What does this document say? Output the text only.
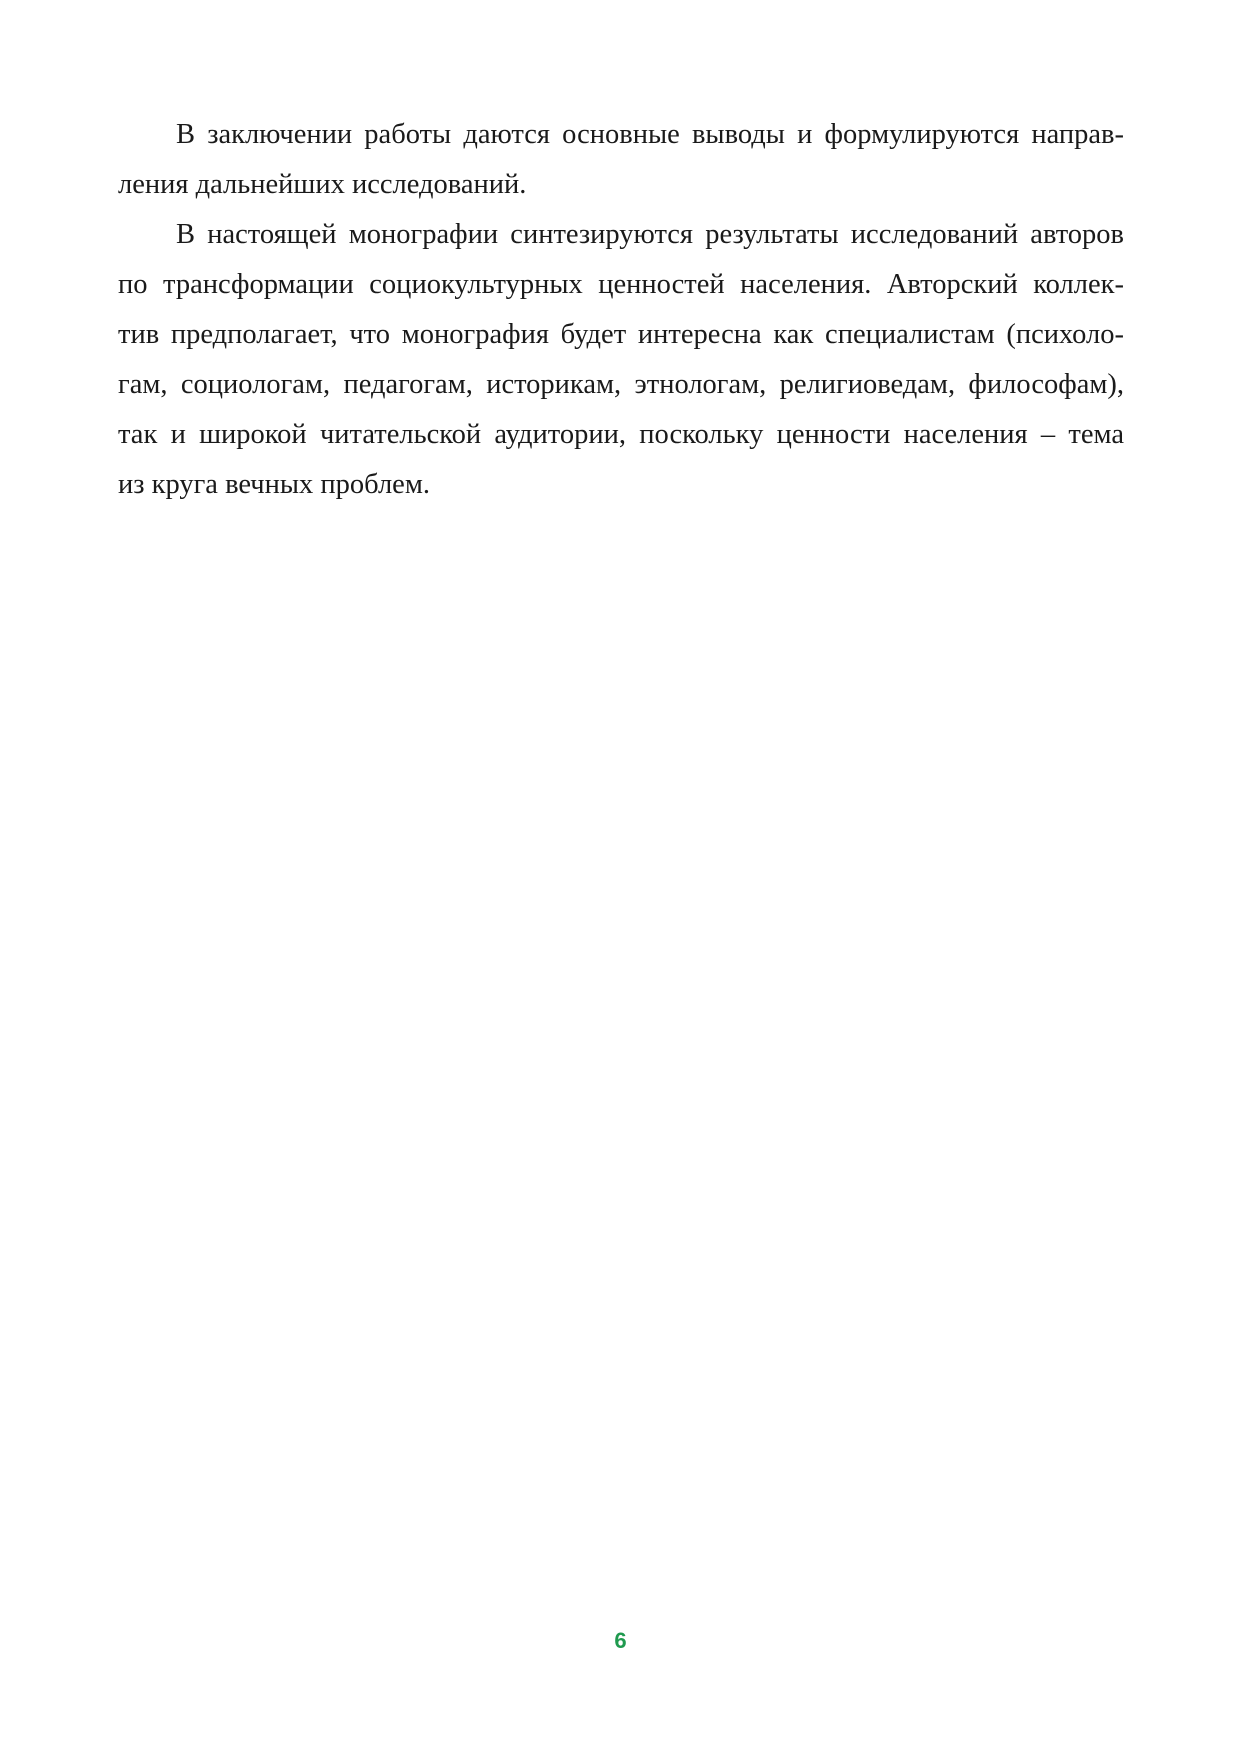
В заключении работы даются основные выводы и формулируются направ-

ления дальнейших исследований.

В настоящей монографии синтезируются результаты исследований авторов

по трансформации социокультурных ценностей населения. Авторский коллек-

тив предполагает, что монография будет интересна как специалистам (психоло-

гам, социологам, педагогам, историкам, этнологам, религиоведам, философам),

так и широкой читательской аудитории, поскольку ценности населения – тема

из круга вечных проблем.

6
